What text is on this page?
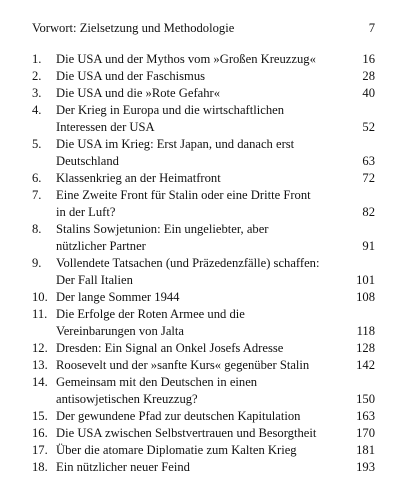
Vorwort: Zielsetzung und Methodologie	7
1. Die USA und der Mythos vom »Großen Kreuzzug«	16
2. Die USA und der Faschismus	28
3. Die USA und die »Rote Gefahr«	40
4. Der Krieg in Europa und die wirtschaftlichen
Interessen der USA	52
5. Die USA im Krieg: Erst Japan, und danach erst
Deutschland	63
6. Klassenkrieg an der Heimatfront	72
7. Eine Zweite Front für Stalin oder eine Dritte Front
in der Luft?	82
8. Stalins Sowjetunion: Ein ungeliebter, aber
nützlicher Partner	91
9. Vollendete Tatsachen (und Präzedenzfälle) schaffen:
Der Fall Italien	101
10. Der lange Sommer 1944	108
11. Die Erfolge der Roten Armee und die
Vereinbarungen von Jalta	118
12. Dresden: Ein Signal an Onkel Josefs Adresse	128
13. Roosevelt und der »sanfte Kurs« gegenüber Stalin	142
14. Gemeinsam mit den Deutschen in einen
antisowjetischen Kreuzzug?	150
15. Der gewundene Pfad zur deutschen Kapitulation	163
16. Die USA zwischen Selbstvertrauen und Besorgtheit	170
17. Über die atomare Diplomatie zum Kalten Krieg	181
18. Ein nützlicher neuer Feind	193
